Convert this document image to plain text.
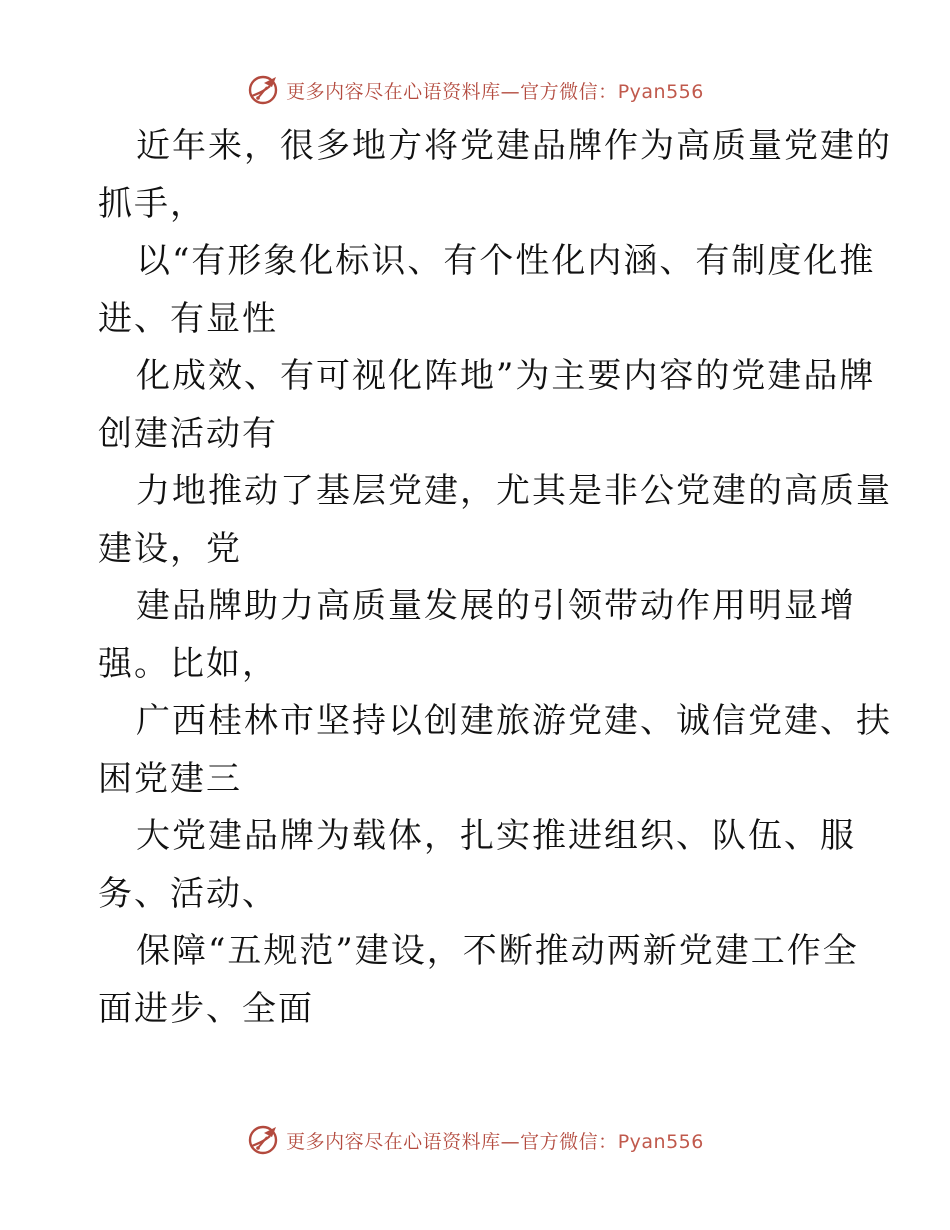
更多内容尽在心语资料库—官方微信：Pyan556
近年来，很多地方将党建品牌作为高质量党建的
抓手，
以“有形象化标识、有个性化内涵、有制度化推
进、有显性
化成效、有可视化阵地”为主要内容的党建品牌
创建活动有
力地推动了基层党建，尤其是非公党建的高质量
建设，党
建品牌助力高质量发展的引领带动作用明显增
强。比如，
广西桂林市坚持以创建旅游党建、诚信党建、扶
困党建三
大党建品牌为载体，扎实推进组织、队伍、服
务、活动、
保障“五规范”建设，不断推动两新党建工作全
面进步、全面
更多内容尽在心语资料库—官方微信：Pyan556
